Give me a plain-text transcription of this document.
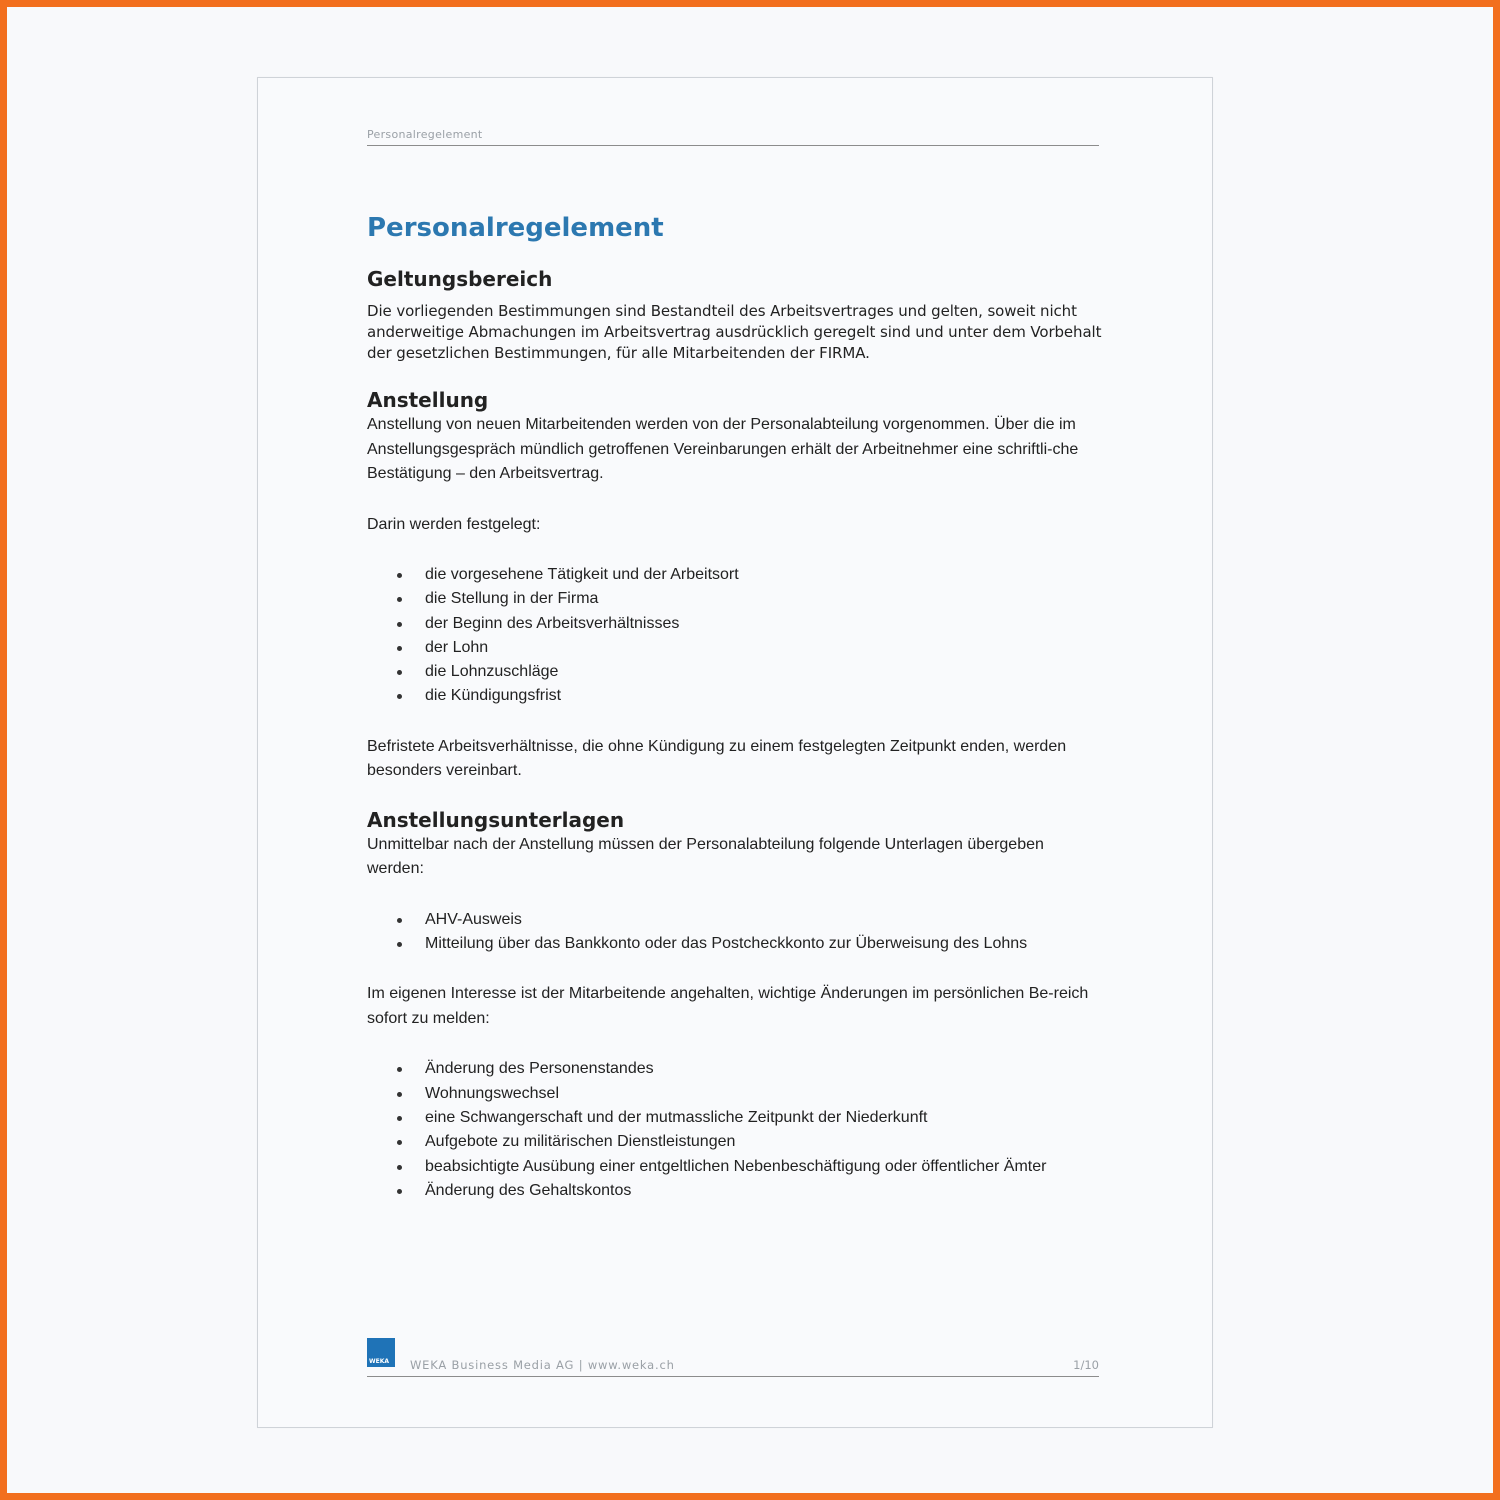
Personalregelement
Personalregelement
Geltungsbereich

Die vorliegenden Bestimmungen sind Bestandteil des Arbeitsvertrages und gelten, soweit nicht anderweitige Abmachungen im Arbeitsvertrag ausdrücklich geregelt sind und unter dem Vorbehalt der gesetzlichen Bestimmungen, für alle Mitarbeitenden der FIRMA.

Anstellung

Anstellung von neuen Mitarbeitenden werden von der Personalabteilung vorgenommen. Über die im Anstellungsgespräch mündlich getroffenen Vereinbarungen erhält der Arbeitnehmer eine schriftli-che Bestätigung – den Arbeitsvertrag.

Darin werden festgelegt:

die vorgesehene Tätigkeit und der Arbeitsort
die Stellung in der Firma
der Beginn des Arbeitsverhältnisses
der Lohn
die Lohnzuschläge
die Kündigungsfrist

Befristete Arbeitsverhältnisse, die ohne Kündigung zu einem festgelegten Zeitpunkt enden, werden besonders vereinbart.

Anstellungsunterlagen

Unmittelbar nach der Anstellung müssen der Personalabteilung folgende Unterlagen übergeben werden:

AHV-Ausweis
Mitteilung über das Bankkonto oder das Postcheckkonto zur Überweisung des Lohns

Im eigenen Interesse ist der Mitarbeitende angehalten, wichtige Änderungen im persönlichen Be-reich sofort zu melden:

Änderung des Personenstandes
Wohnungswechsel
eine Schwangerschaft und der mutmassliche Zeitpunkt der Niederkunft
Aufgebote zu militärischen Dienstleistungen
beabsichtigte Ausübung einer entgeltlichen Nebenbeschäftigung oder öffentlicher Ämter
Änderung des Gehaltskontos
WEKA WEKA Business Media AG | www.weka.ch	1/10
